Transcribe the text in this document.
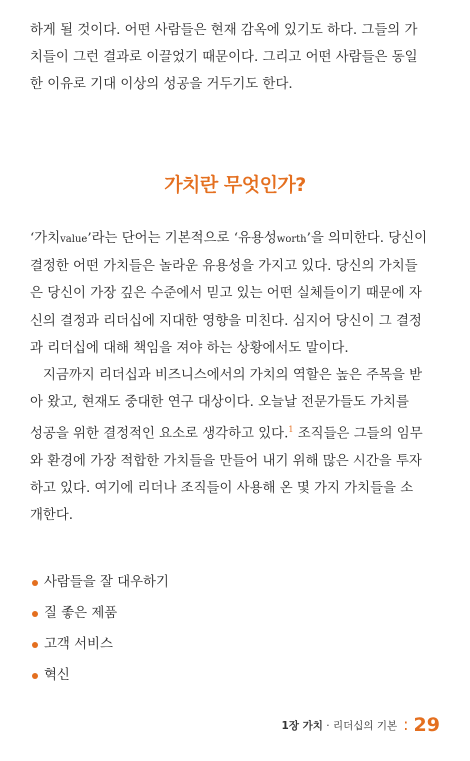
하게 될 것이다. 어떤 사람들은 현재 감옥에 있기도 하다. 그들의 가
치들이 그런 결과로 이끌었기 때문이다. 그리고 어떤 사람들은 동일
한 이유로 기대 이상의 성공을 거두기도 한다.

가치란 무엇인가?

‘가치value’라는 단어는 기본적으로 ‘유용성worth’을 의미한다. 당신이
결정한 어떤 가치들은 놀라운 유용성을 가지고 있다. 당신의 가치들
은 당신이 가장 깊은 수준에서 믿고 있는 어떤 실체들이기 때문에 자
신의 결정과 리더십에 지대한 영향을 미친다. 심지어 당신이 그 결정
과 리더십에 대해 책임을 져야 하는 상황에서도 말이다.

지금까지 리더십과 비즈니스에서의 가치의 역할은 높은 주목을 받
아 왔고, 현재도 중대한 연구 대상이다. 오늘날 전문가들도 가치를
성공을 위한 결정적인 요소로 생각하고 있다.$^1$ 조직들은 그들의 임무
와 환경에 가장 적합한 가치들을 만들어 내기 위해 많은 시간을 투자
하고 있다. 여기에 리더나 조직들이 사용해 온 몇 가지 가치들을 소
개한다.

사람들을 잘 대우하기
질 좋은 제품
고객 서비스
혁신
1장 가치 · 리더십의 기본 : 29
